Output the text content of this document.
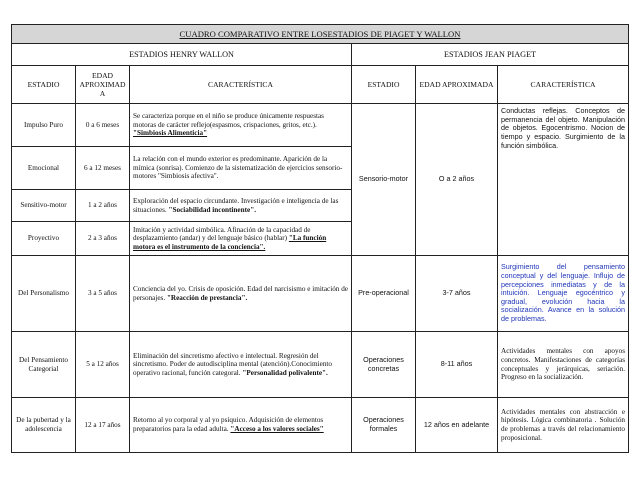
CUADRO COMPARATIVO ENTRE LOSESTADIOS DE PIAGET Y WALLON					
ESTADIOS HENRY WALLON			ESTADIOS JEAN PIAGET		
ESTADIO	EDAD APROXIMAD A	CARACTERÍSTICA	ESTADIO	EDAD APROXIMADA	CARACTERÍSTICA
Impulso Puro	0 a 6 meses	Se caracteriza porque en el niño se produce únicamente respuestas motoras de carácter reflejo(espasmos, crispaciones, gritos, etc.). "Simbiosis Alimenticia"	Sensorio-motor	O a 2 años	Conductas reflejas. Conceptos de permanencia del objeto. Manipulación de objetos. Egocentrismo. Nocion de tiempo y espacio. Surgimiento de la función simbólica.
Emocional	6 a 12 meses	La relación con el mundo exterior es predominante. Aparición de la mímica (sonrisa). Comienzo de la sistematización de ejercicios sensorio-motores "Simbiosis afectiva".			
Sensitivo-motor	1 a 2 años	Exploración del espacio circundante. Investigación e inteligencia de las situaciones. "Sociabilidad incontinente".			
Proyectivo	2 a 3 años	Imitación y actividad simbólica. Afinación de la capacidad de desplazamiento (andar) y del lenguaje básico (hablar) "La función motora es el instrumento de la conciencia".			
Del Personalismo	3 a 5 años	Conciencia del yo. Crisis de oposición. Edad del narcisismo e imitación de personajes. "Reacción de prestancia".	Pre-operacional	3-7 años	Surgimiento del pensamiento conceptual y del lenguaje. Influjo de percepciones inmediatas y de la intuición. Lenguaje egocéntrico y gradual, evolución hacia la socialización. Avance en la solución de problemas.
Del Pensamiento Categorial	5 a 12 años	Eliminación del sincretismo afectivo e intelectual. Regresión del sincretismo. Poder de autodisciplina mental (atención).Conocimiento operativo racional, función categoral. "Personalidad polivalente".	Operaciones concretas	8-11 años	Actividades mentales con apoyos concretos. Manifestaciones de categorías conceptuales y jerárquicas, seriación. Progreso en la socialización.
De la pubertad y la adolescencia	12 a 17 años	Retorno al yo corporal y al yo psíquico. Adquisición de elementos preparatorios para la edad adulta. "Acceso a los valores sociales"	Operaciones formales	12 años en adelante	Actividades mentales con abstracción e hipótesis. Lógica combinatoria . Solución de problemas a través del relacionamiento proposicional.
